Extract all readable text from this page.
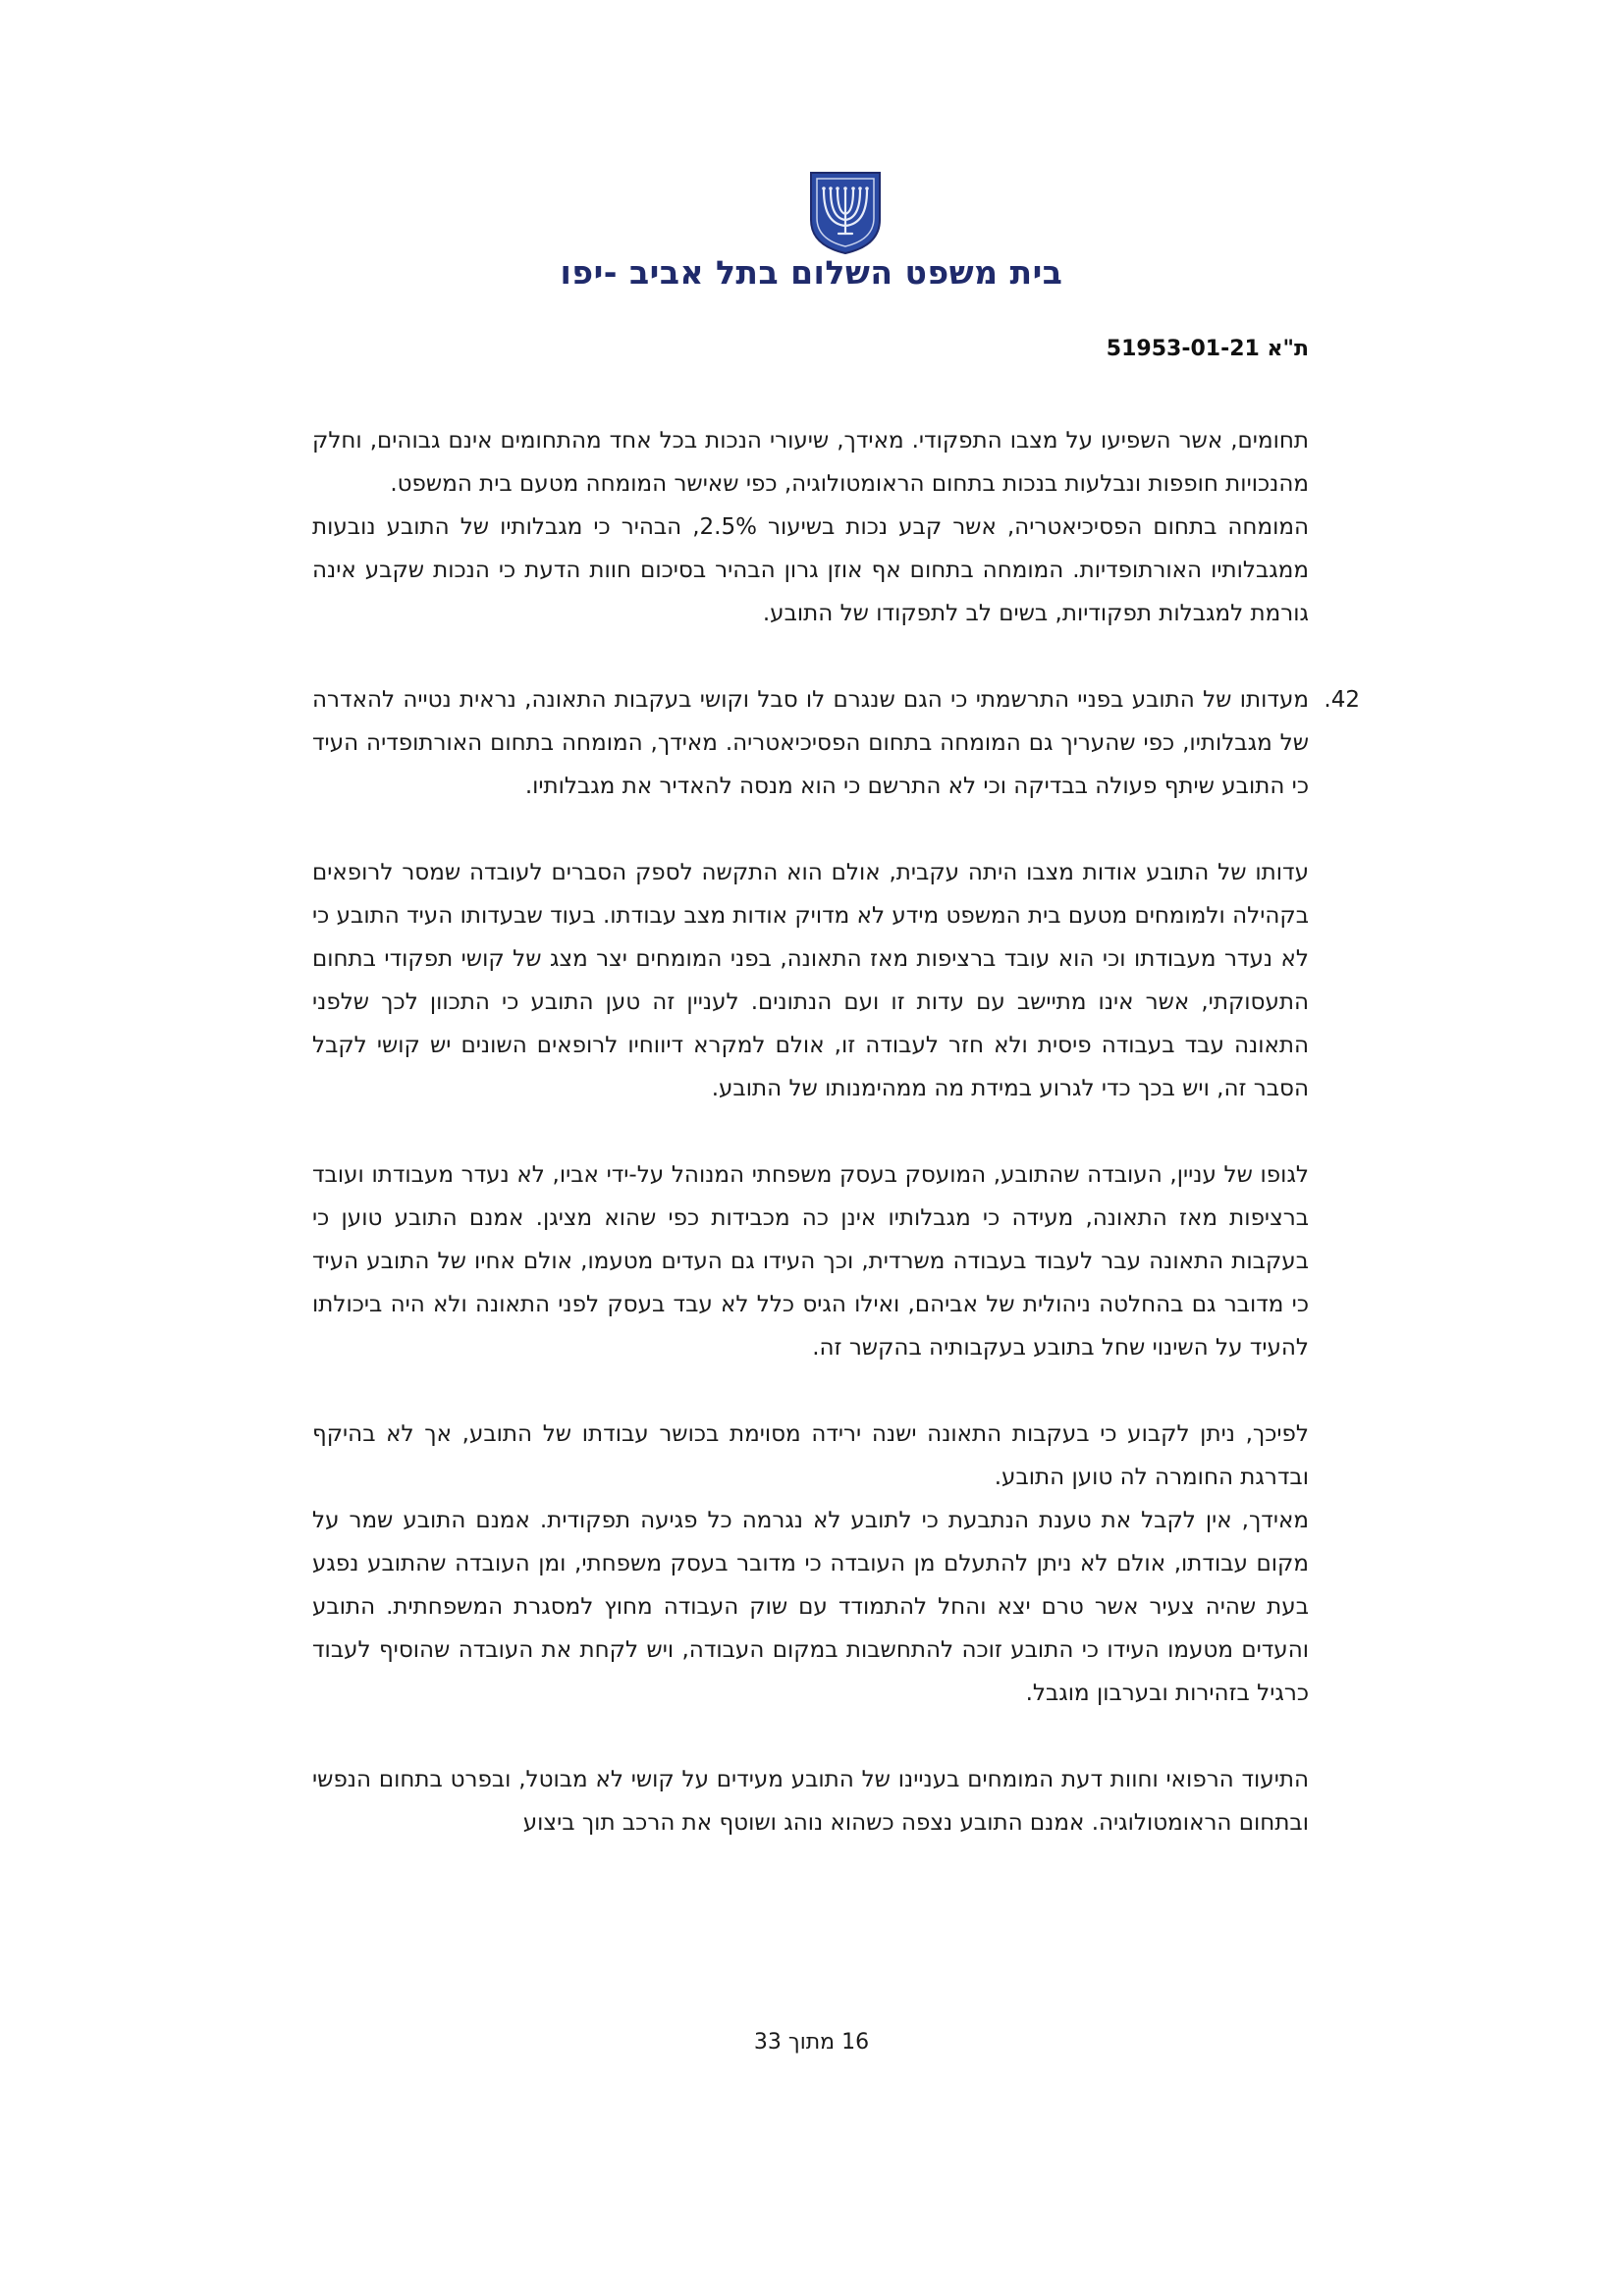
בית משפט השלום בתל אביב -יפו
ת"א 51953-01-21

תחומים, אשר השפיעו על מצבו התפקודי. מאידך, שיעורי הנכות בכל אחד מהתחומים אינם גבוהים, וחלק מהנכויות חופפות ונבלעות בנכות בתחום הראומטולוגיה, כפי שאישר המומחה מטעם בית המשפט.

המומחה בתחום הפסיכיאטריה, אשר קבע נכות בשיעור 2.5%, הבהיר כי מגבלותיו של התובע נובעות ממגבלותיו האורתופדיות. המומחה בתחום אף אוזן גרון הבהיר בסיכום חוות הדעת כי הנכות שקבע אינה גורמת למגבלות תפקודיות, בשים לב לתפקודו של התובע.

42.

מעדותו של התובע בפניי התרשמתי כי הגם שנגרם לו סבל וקושי בעקבות התאונה, נראית נטייה להאדרה של מגבלותיו, כפי שהעריך גם המומחה בתחום הפסיכיאטריה. מאידך, המומחה בתחום האורתופדיה העיד כי התובע שיתף פעולה בבדיקה וכי לא התרשם כי הוא מנסה להאדיר את מגבלותיו.

עדותו של התובע אודות מצבו היתה עקבית, אולם הוא התקשה לספק הסברים לעובדה שמסר לרופאים בקהילה ולמומחים מטעם בית המשפט מידע לא מדויק אודות מצב עבודתו. בעוד שבעדותו העיד התובע כי לא נעדר מעבודתו וכי הוא עובד ברציפות מאז התאונה, בפני המומחים יצר מצג של קושי תפקודי בתחום התעסוקתי, אשר אינו מתיישב עם עדות זו ועם הנתונים. לעניין זה טען התובע כי התכוון לכך שלפני התאונה עבד בעבודה פיסית ולא חזר לעבודה זו, אולם למקרא דיווחיו לרופאים השונים יש קושי לקבל הסבר זה, ויש בכך כדי לגרוע במידת מה ממהימנותו של התובע.

לגופו של עניין, העובדה שהתובע, המועסק בעסק משפחתי המנוהל על-ידי אביו, לא נעדר מעבודתו ועובד ברציפות מאז התאונה, מעידה כי מגבלותיו אינן כה מכבידות כפי שהוא מציגן. אמנם התובע טוען כי בעקבות התאונה עבר לעבוד בעבודה משרדית, וכך העידו גם העדים מטעמו, אולם אחיו של התובע העיד כי מדובר גם בהחלטה ניהולית של אביהם, ואילו הגיס כלל לא עבד בעסק לפני התאונה ולא היה ביכולתו להעיד על השינוי שחל בתובע בעקבותיה בהקשר זה.

לפיכך, ניתן לקבוע כי בעקבות התאונה ישנה ירידה מסוימת בכושר עבודתו של התובע, אך לא בהיקף ובדרגת החומרה לה טוען התובע.

מאידך, אין לקבל את טענת הנתבעת כי לתובע לא נגרמה כל פגיעה תפקודית. אמנם התובע שמר על מקום עבודתו, אולם לא ניתן להתעלם מן העובדה כי מדובר בעסק משפחתי, ומן העובדה שהתובע נפגע בעת שהיה צעיר אשר טרם יצא והחל להתמודד עם שוק העבודה מחוץ למסגרת המשפחתית. התובע והעדים מטעמו העידו כי התובע זוכה להתחשבות במקום העבודה, ויש לקחת את העובדה שהוסיף לעבוד כרגיל בזהירות ובערבון מוגבל.

התיעוד הרפואי וחוות דעת המומחים בעניינו של התובע מעידים על קושי לא מבוטל, ובפרט בתחום הנפשי ובתחום הראומטולוגיה. אמנם התובע נצפה כשהוא נוהג ושוטף את הרכב תוך ביצוע

16 מתוך 33
